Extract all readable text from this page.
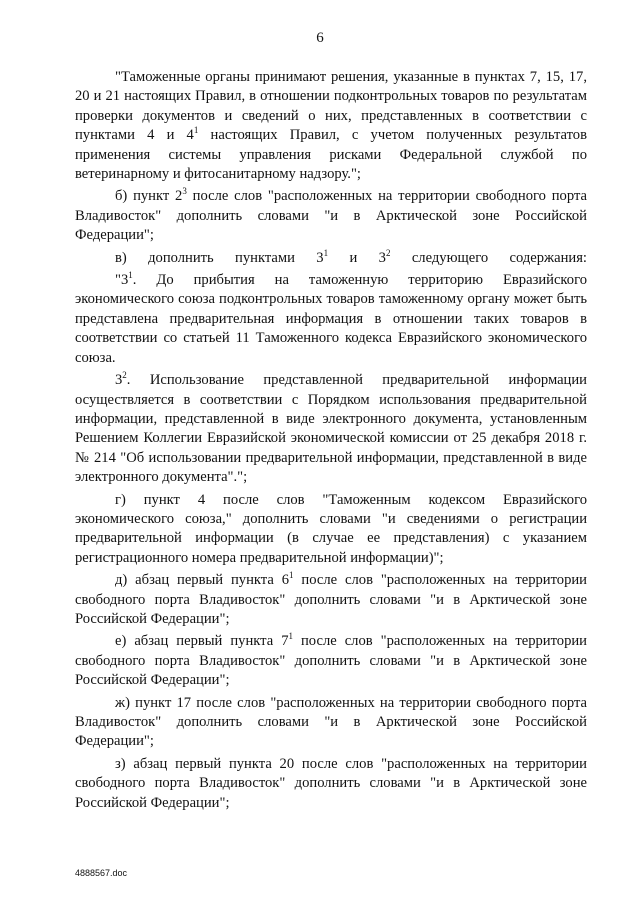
6

"Таможенные органы принимают решения, указанные в пунктах 7, 15, 17, 20 и 21 настоящих Правил, в отношении подконтрольных товаров по результатам проверки документов и сведений о них, представленных в соответствии с пунктами 4 и $4^1$ настоящих Правил, с учетом полученных результатов применения системы управления рисками Федеральной службой по ветеринарному и фитосанитарному надзору.";

б) пункт $2^3$ после слов "расположенных на территории свободного порта Владивосток" дополнить словами "и в Арктической зоне Российской Федерации";

в) дополнить пунктами $3^1$ и $3^2$ следующего содержания:

"$3^1$. До прибытия на таможенную территорию Евразийского экономического союза подконтрольных товаров таможенному органу может быть представлена предварительная информация в отношении таких товаров в соответствии со статьей 11 Таможенного кодекса Евразийского экономического союза.

$3^2$. Использование представленной предварительной информации осуществляется в соответствии с Порядком использования предварительной информации, представленной в виде электронного документа, установленным Решением Коллегии Евразийской экономической комиссии от 25 декабря 2018 г. № 214 "Об использовании предварительной информации, представленной в виде электронного документа".";

г) пункт 4 после слов "Таможенным кодексом Евразийского экономического союза," дополнить словами "и сведениями о регистрации предварительной информации (в случае ее представления) с указанием регистрационного номера предварительной информации)";

д) абзац первый пункта $6^1$ после слов "расположенных на территории свободного порта Владивосток" дополнить словами "и в Арктической зоне Российской Федерации";

е) абзац первый пункта $7^1$ после слов "расположенных на территории свободного порта Владивосток" дополнить словами "и в Арктической зоне Российской Федерации";

ж) пункт 17 после слов "расположенных на территории свободного порта Владивосток" дополнить словами "и в Арктической зоне Российской Федерации";

з) абзац первый пункта 20 после слов "расположенных на территории свободного порта Владивосток" дополнить словами "и в Арктической зоне Российской Федерации";

4888567.doc
